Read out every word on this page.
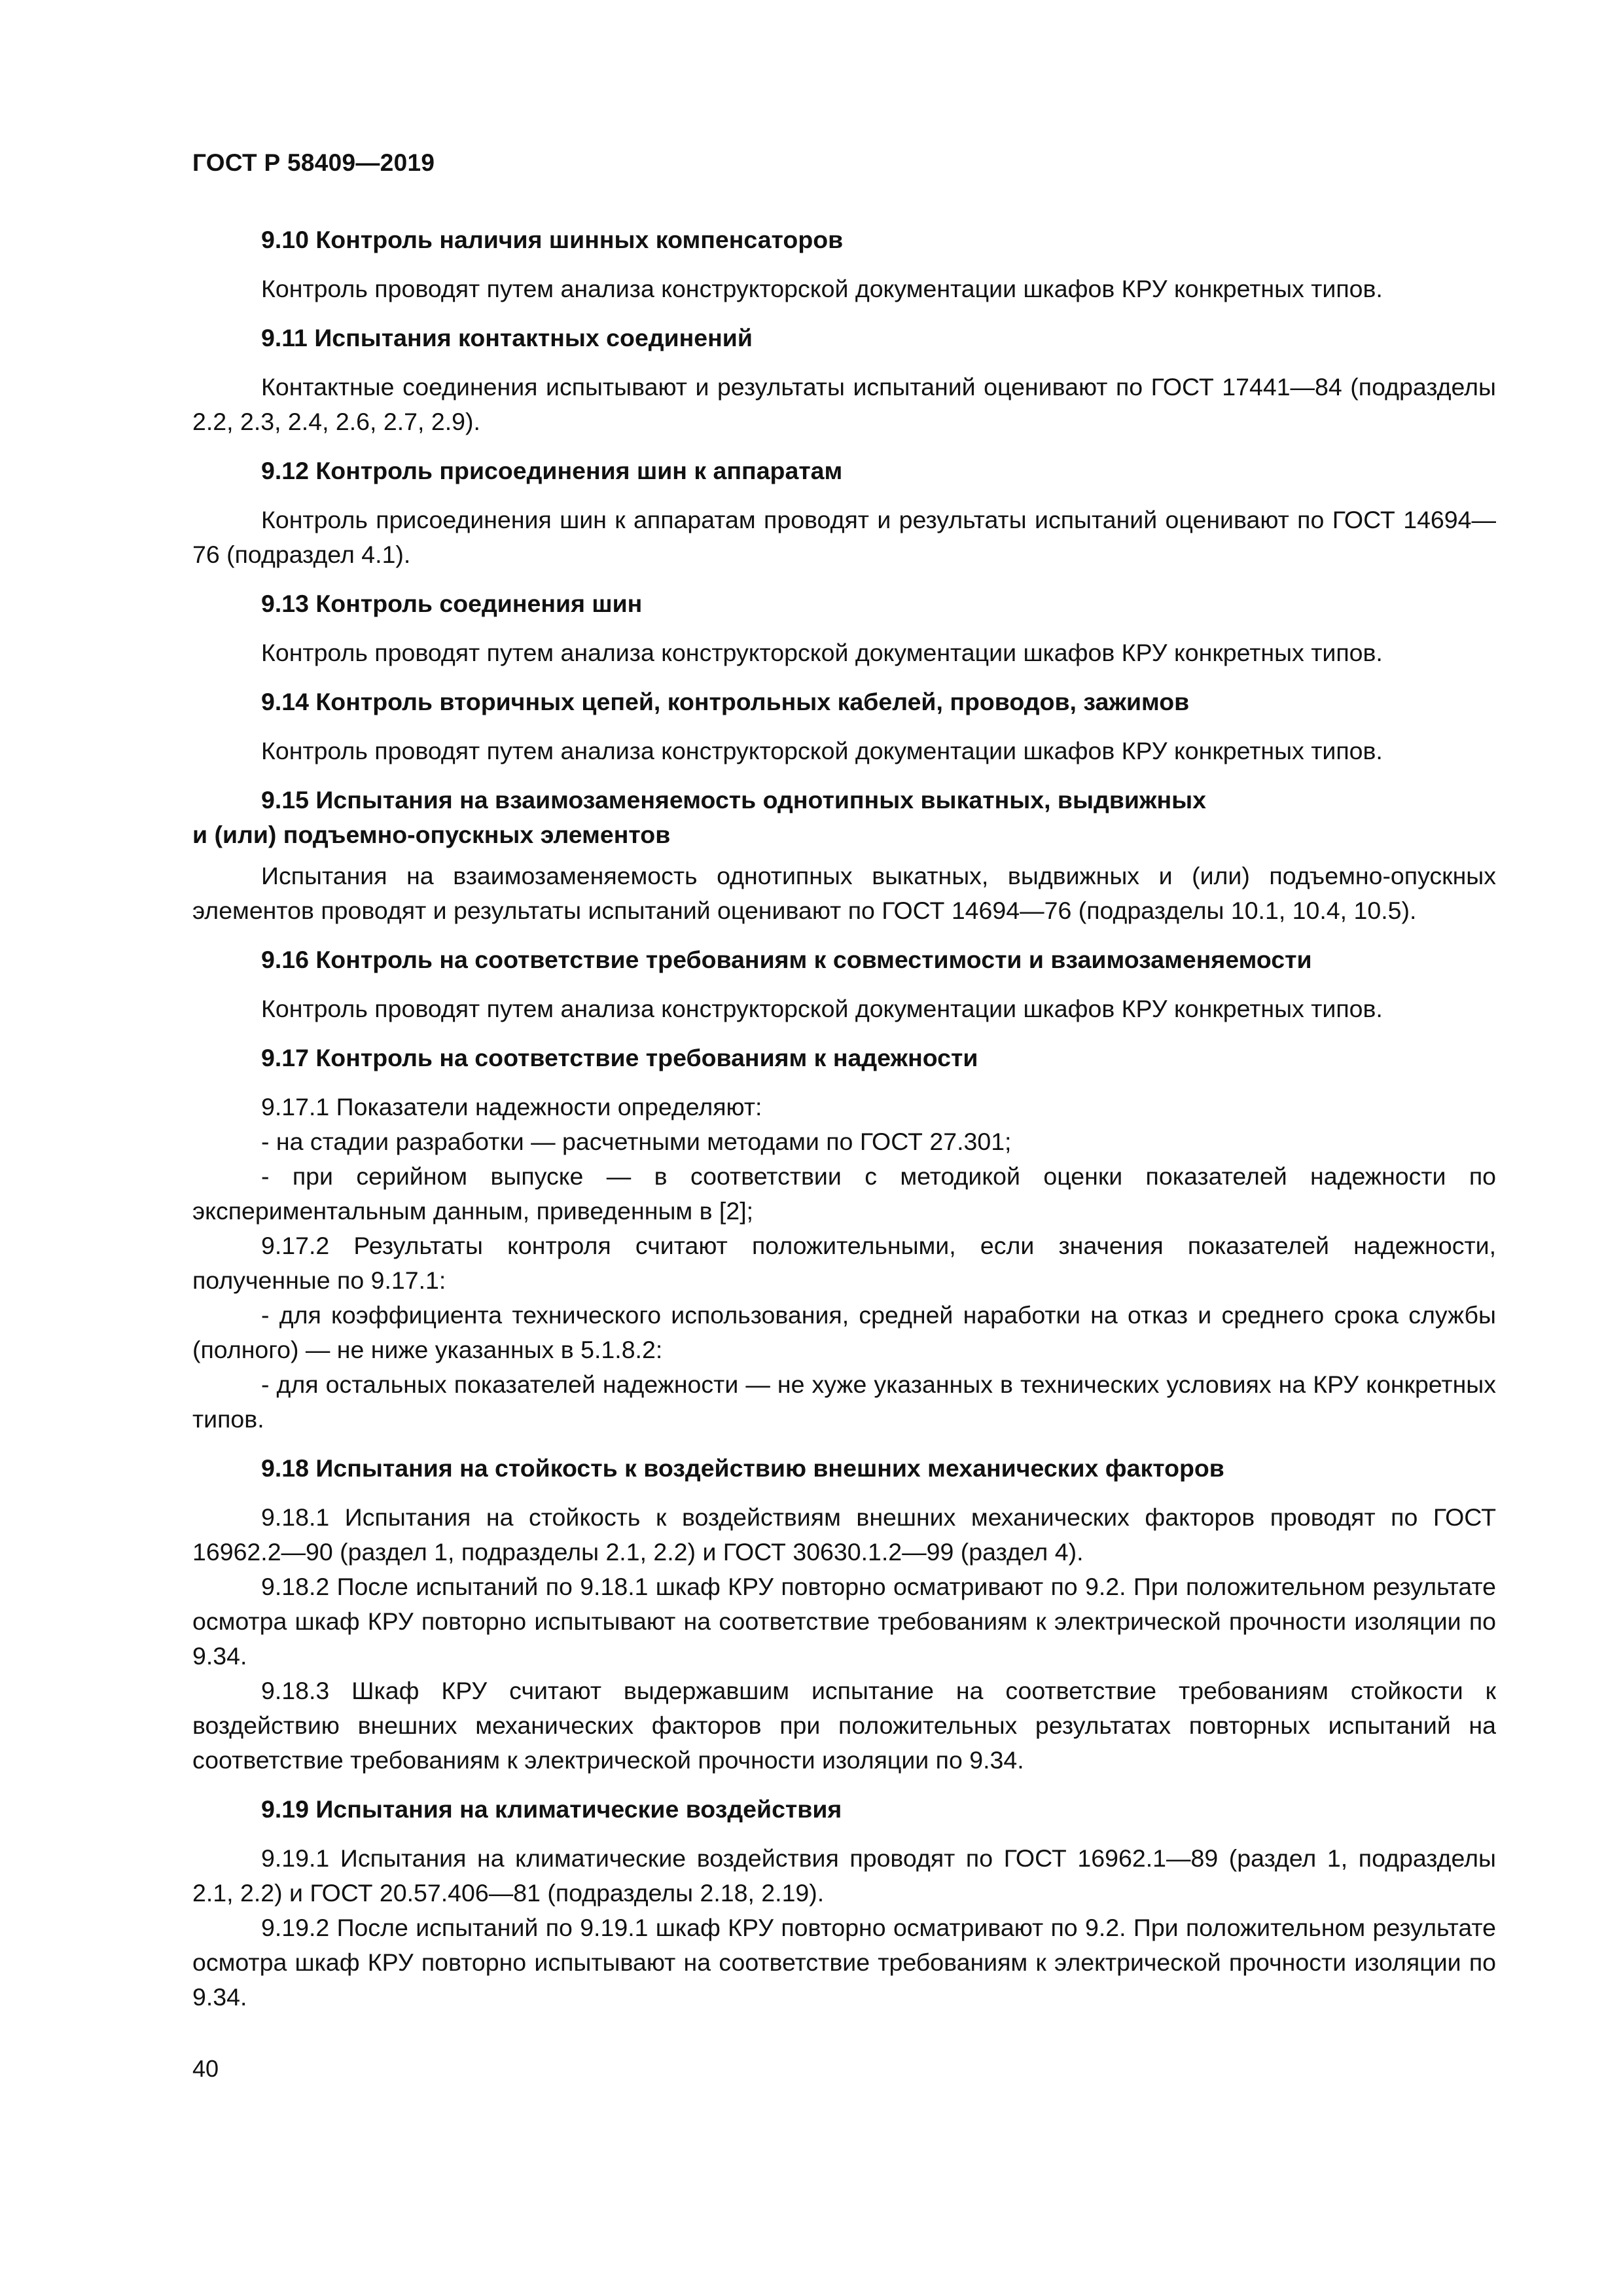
ГОСТ Р 58409—2019
9.10 Контроль наличия шинных компенсаторов
Контроль проводят путем анализа конструкторской документации шкафов КРУ конкретных типов.
9.11 Испытания контактных соединений
Контактные соединения испытывают и результаты испытаний оценивают по ГОСТ 17441—84 (подразделы 2.2, 2.3, 2.4, 2.6, 2.7, 2.9).
9.12 Контроль присоединения шин к аппаратам
Контроль присоединения шин к аппаратам проводят и результаты испытаний оценивают по ГОСТ 14694—76 (подраздел 4.1).
9.13 Контроль соединения шин
Контроль проводят путем анализа конструкторской документации шкафов КРУ конкретных типов.
9.14 Контроль вторичных цепей, контрольных кабелей, проводов, зажимов
Контроль проводят путем анализа конструкторской документации шкафов КРУ конкретных типов.
9.15 Испытания на взаимозаменяемость однотипных выкатных, выдвижных
и (или) подъемно-опускных элементов
Испытания на взаимозаменяемость однотипных выкатных, выдвижных и (или) подъемно-опускных элементов проводят и результаты испытаний оценивают по ГОСТ 14694—76 (подразделы 10.1, 10.4, 10.5).
9.16 Контроль на соответствие требованиям к совместимости и взаимозаменяемости
Контроль проводят путем анализа конструкторской документации шкафов КРУ конкретных типов.
9.17 Контроль на соответствие требованиям к надежности
9.17.1 Показатели надежности определяют:
- на стадии разработки — расчетными методами по ГОСТ 27.301;
- при серийном выпуске — в соответствии с методикой оценки показателей надежности по экспериментальным данным, приведенным в [2];
9.17.2 Результаты контроля считают положительными, если значения показателей надежности, полученные по 9.17.1:
- для коэффициента технического использования, средней наработки на отказ и среднего срока службы (полного) — не ниже указанных в 5.1.8.2:
- для остальных показателей надежности — не хуже указанных в технических условиях на КРУ конкретных типов.
9.18 Испытания на стойкость к воздействию внешних механических факторов
9.18.1 Испытания на стойкость к воздействиям внешних механических факторов проводят по ГОСТ 16962.2—90 (раздел 1, подразделы 2.1, 2.2) и ГОСТ 30630.1.2—99 (раздел 4).
9.18.2 После испытаний по 9.18.1 шкаф КРУ повторно осматривают по 9.2. При положительном результате осмотра шкаф КРУ повторно испытывают на соответствие требованиям к электрической прочности изоляции по 9.34.
9.18.3 Шкаф КРУ считают выдержавшим испытание на соответствие требованиям стойкости к воздействию внешних механических факторов при положительных результатах повторных испытаний на соответствие требованиям к электрической прочности изоляции по 9.34.
9.19 Испытания на климатические воздействия
9.19.1 Испытания на климатические воздействия проводят по ГОСТ 16962.1—89 (раздел 1, подразделы 2.1, 2.2) и ГОСТ 20.57.406—81 (подразделы 2.18, 2.19).
9.19.2 После испытаний по 9.19.1 шкаф КРУ повторно осматривают по 9.2. При положительном результате осмотра шкаф КРУ повторно испытывают на соответствие требованиям к электрической прочности изоляции по 9.34.
40
